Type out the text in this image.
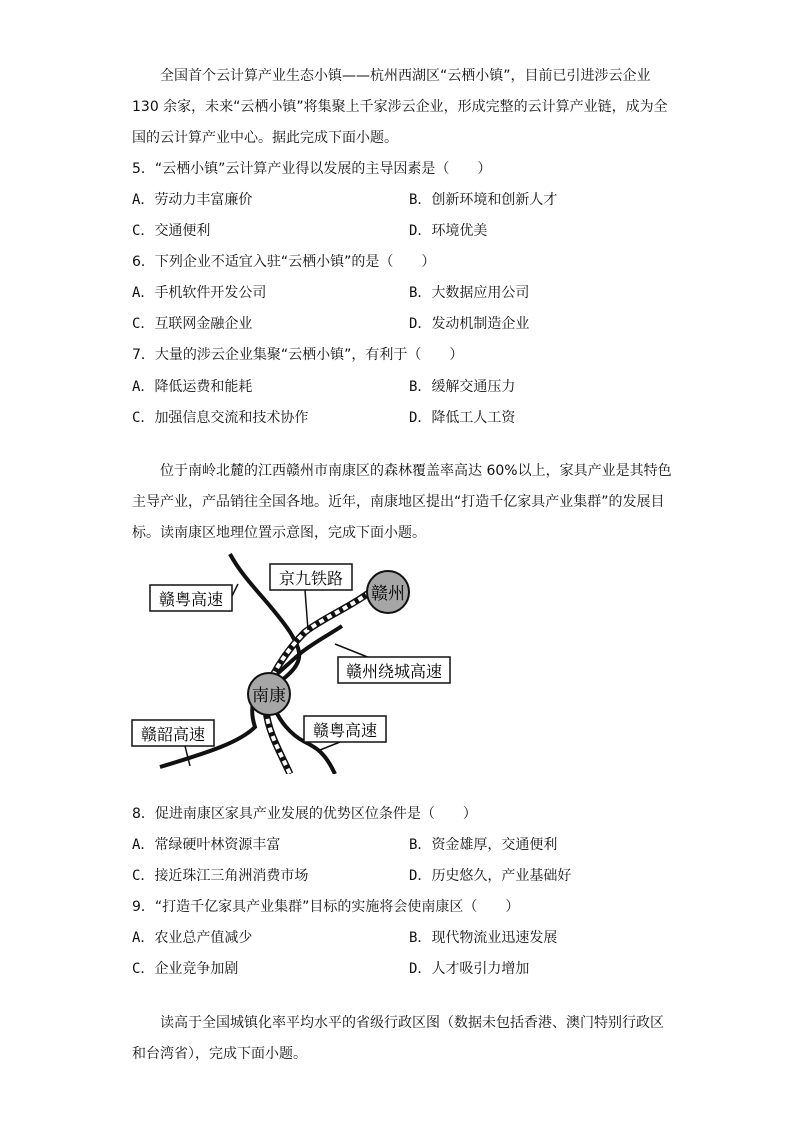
全国首个云计算产业生态小镇——杭州西湖区“云栖小镇”，目前已引进涉云企业
130 余家，未来“云栖小镇”将集聚上千家涉云企业，形成完整的云计算产业链，成为全
国的云计算产业中心。据此完成下面小题。
5．“云栖小镇”云计算产业得以发展的主导因素是（　　）
A．劳动力丰富廉价	B．创新环境和创新人才
C．交通便利	D．环境优美
6．下列企业不适宜入驻“云栖小镇”的是（　　）
A．手机软件开发公司	B．大数据应用公司
C．互联网金融企业	D．发动机制造企业
7．大量的涉云企业集聚“云栖小镇”，有利于（　　）
A．降低运费和能耗	B．缓解交通压力
C．加强信息交流和技术协作	D．降低工人工资
位于南岭北麓的江西赣州市南康区的森林覆盖率高达 60%以上，家具产业是其特色
主导产业，产品销往全国各地。近年，南康地区提出“打造千亿家具产业集群”的发展目
标。读南康区地理位置示意图，完成下面小题。
赣州
南康
赣粤高速
京九铁路
赣州绕城高速
赣韶高速	赣粤高速
8．促进南康区家具产业发展的优势区位条件是（　　）
A．常绿硬叶林资源丰富	B．资金雄厚，交通便利
C．接近珠江三角洲消费市场	D．历史悠久，产业基础好
9．“打造千亿家具产业集群”目标的实施将会使南康区（　　）
A．农业总产值减少	B．现代物流业迅速发展
C．企业竞争加剧	D．人才吸引力增加
读高于全国城镇化率平均水平的省级行政区图（数据未包括香港、澳门特别行政区
和台湾省），完成下面小题。
